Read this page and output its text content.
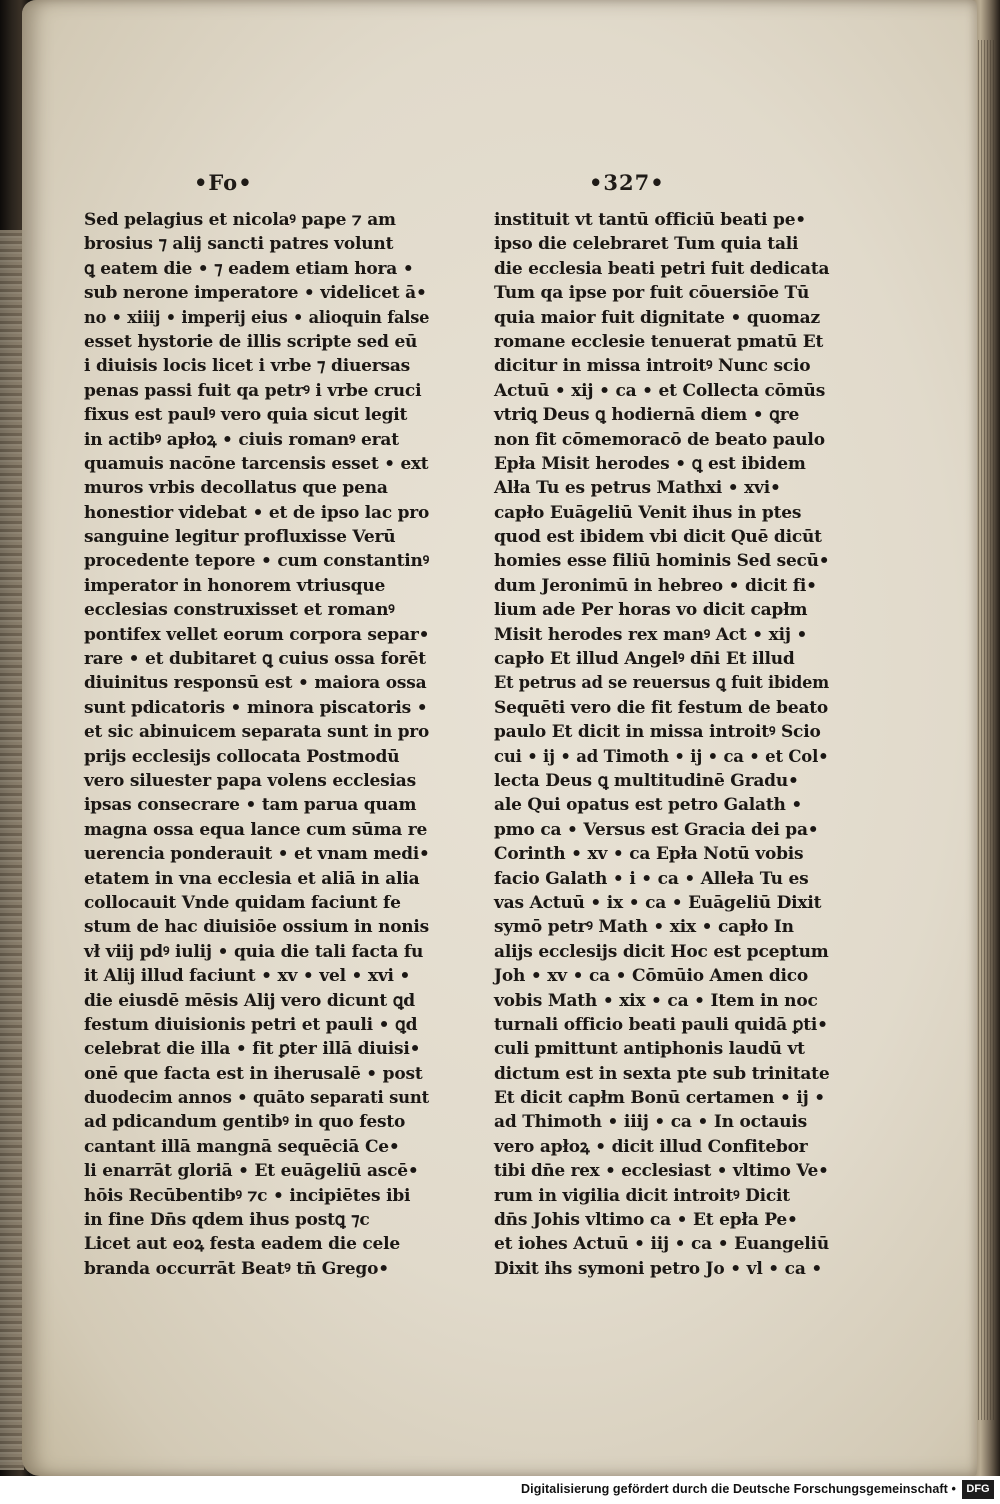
•Fo•	•327•
Sed pelagius et nicolaꝰ pape ⁊ am
brosius ⁊ alij sancti patres volunt
ꝗ eatem die • ⁊ eadem etiam hora •
sub nerone imperatore • videlicet ā•
no • xiiij • imperij eius • alioquin false
esset hystorie de illis scripte sed eū
i diuisis locis licet i vrbe ⁊ diuersas
penas passi fuit qa petrꝰ i vrbe cruci
fixus est paulꝰ vero quia sicut legit
in actibꝰ apłoꝝ • ciuis romanꝰ erat
quamuis nacōne tarcensis esset • ext
muros vrbis decollatus que pena
honestior videbat • et de ipso lac pro
sanguine legitur profluxisse Verū
procedente tepore • cum constantinꝰ
imperator in honorem vtriusque
ecclesias construxisset et romanꝰ
pontifex vellet eorum corpora separ•
rare • et dubitaret ꝗ cuius ossa forēt
diuinitus responsū est • maiora ossa
sunt pdicatoris • minora piscatoris •
et sic abinuicem separata sunt in pro
prijs ecclesijs collocata Postmodū
vero siluester papa volens ecclesias
ipsas consecrare • tam parua quam
magna ossa equa lance cum sūma re
uerencia ponderauit • et vnam medi•
etatem in vna ecclesia et aliā in alia
collocauit Vnde quidam faciunt fe
stum de hac diuisiōe ossium in nonis
vł viij pdꝰ iulij • quia die tali facta fu
it Alij illud faciunt • xv • vel • xvi •
die eiusdē mēsis Alij vero dicunt ꝗd
festum diuisionis petri et pauli • ꝗd
celebrat die illa • fit ꝑter illā diuisi•
onē que facta est in iherusalē • post
duodecim annos • quāto separati sunt
ad pdicandum gentibꝰ in quo festo
cantant illā mangnā sequēciā Ce•
li enarrāt gloriā • Et euāgeliū ascē•
hōis Recūbentibꝰ ⁊c • incipiētes ibi
in fine Dn̄s qdem ihus postꝗ ⁊c
Licet aut eoꝝ festa eadem die cele
branda occurrāt Beatꝰ tn̄ Grego•
instituit vt tantū officiū beati pe•
ipso die celebraret Tum quia tali
die ecclesia beati petri fuit dedicata
Tum qa ipse por fuit cōuersiōe Tū
quia maior fuit dignitate • quomaz
romane ecclesie tenuerat pmatū Et
dicitur in missa introitꝰ Nunc scio
Actuū • xij • ca • et Collecta cōmūs
vtriꝗ Deus ꝗ hodiernā diem • ꝗre
non fit cōmemoracō de beato paulo
Epła Misit herodes • ꝗ est ibidem
Alła Tu es petrus Mathxi • xvi•
capło Euāgeliū Venit ihus in ptes
quod est ibidem vbi dicit Quē dicūt
homies esse filiū hominis Sed secū•
dum Jeronimū in hebreo • dicit fi•
lium ade Per horas vo dicit capłm
Misit herodes rex manꝰ Act • xij •
capło Et illud Angelꝰ dn̄i Et illud
Et petrus ad se reuersus ꝗ fuit ibidem
Sequēti vero die fit festum de beato
paulo Et dicit in missa introitꝰ Scio
cui • ij • ad Timoth • ij • ca • et Col•
lecta Deus ꝗ multitudinē Gradu•
ale Qui opatus est petro Galath •
pmo ca • Versus est Gracia dei pa•
Corinth • xv • ca Epła Notū vobis
facio Galath • i • ca • Alleła Tu es
vas Actuū • ix • ca • Euāgeliū Dixit
symō petrꝰ Math • xix • capło In
alijs ecclesijs dicit Hoc est pceptum
Joh • xv • ca • Cōmūio Amen dico
vobis Math • xix • ca • Item in noc
turnali officio beati pauli quidā ꝑti•
culi pmittunt antiphonis laudū vt
dictum est in sexta pte sub trinitate
Et dicit capłm Bonū certamen • ij •
ad Thimoth • iiij • ca • In octauis
vero apłoꝝ • dicit illud Confitebor
tibi dn̄e rex • ecclesiast • vltimo Ve•
rum in vigilia dicit introitꝰ Dicit
dn̄s Johis vltimo ca • Et epła Pe•
et iohes Actuū • iij • ca • Euangeliū
Dixit ihs symoni petro Jo • vl • ca •
Digitalisierung gefördert durch die Deutsche Forschungsgemeinschaft • DFG
